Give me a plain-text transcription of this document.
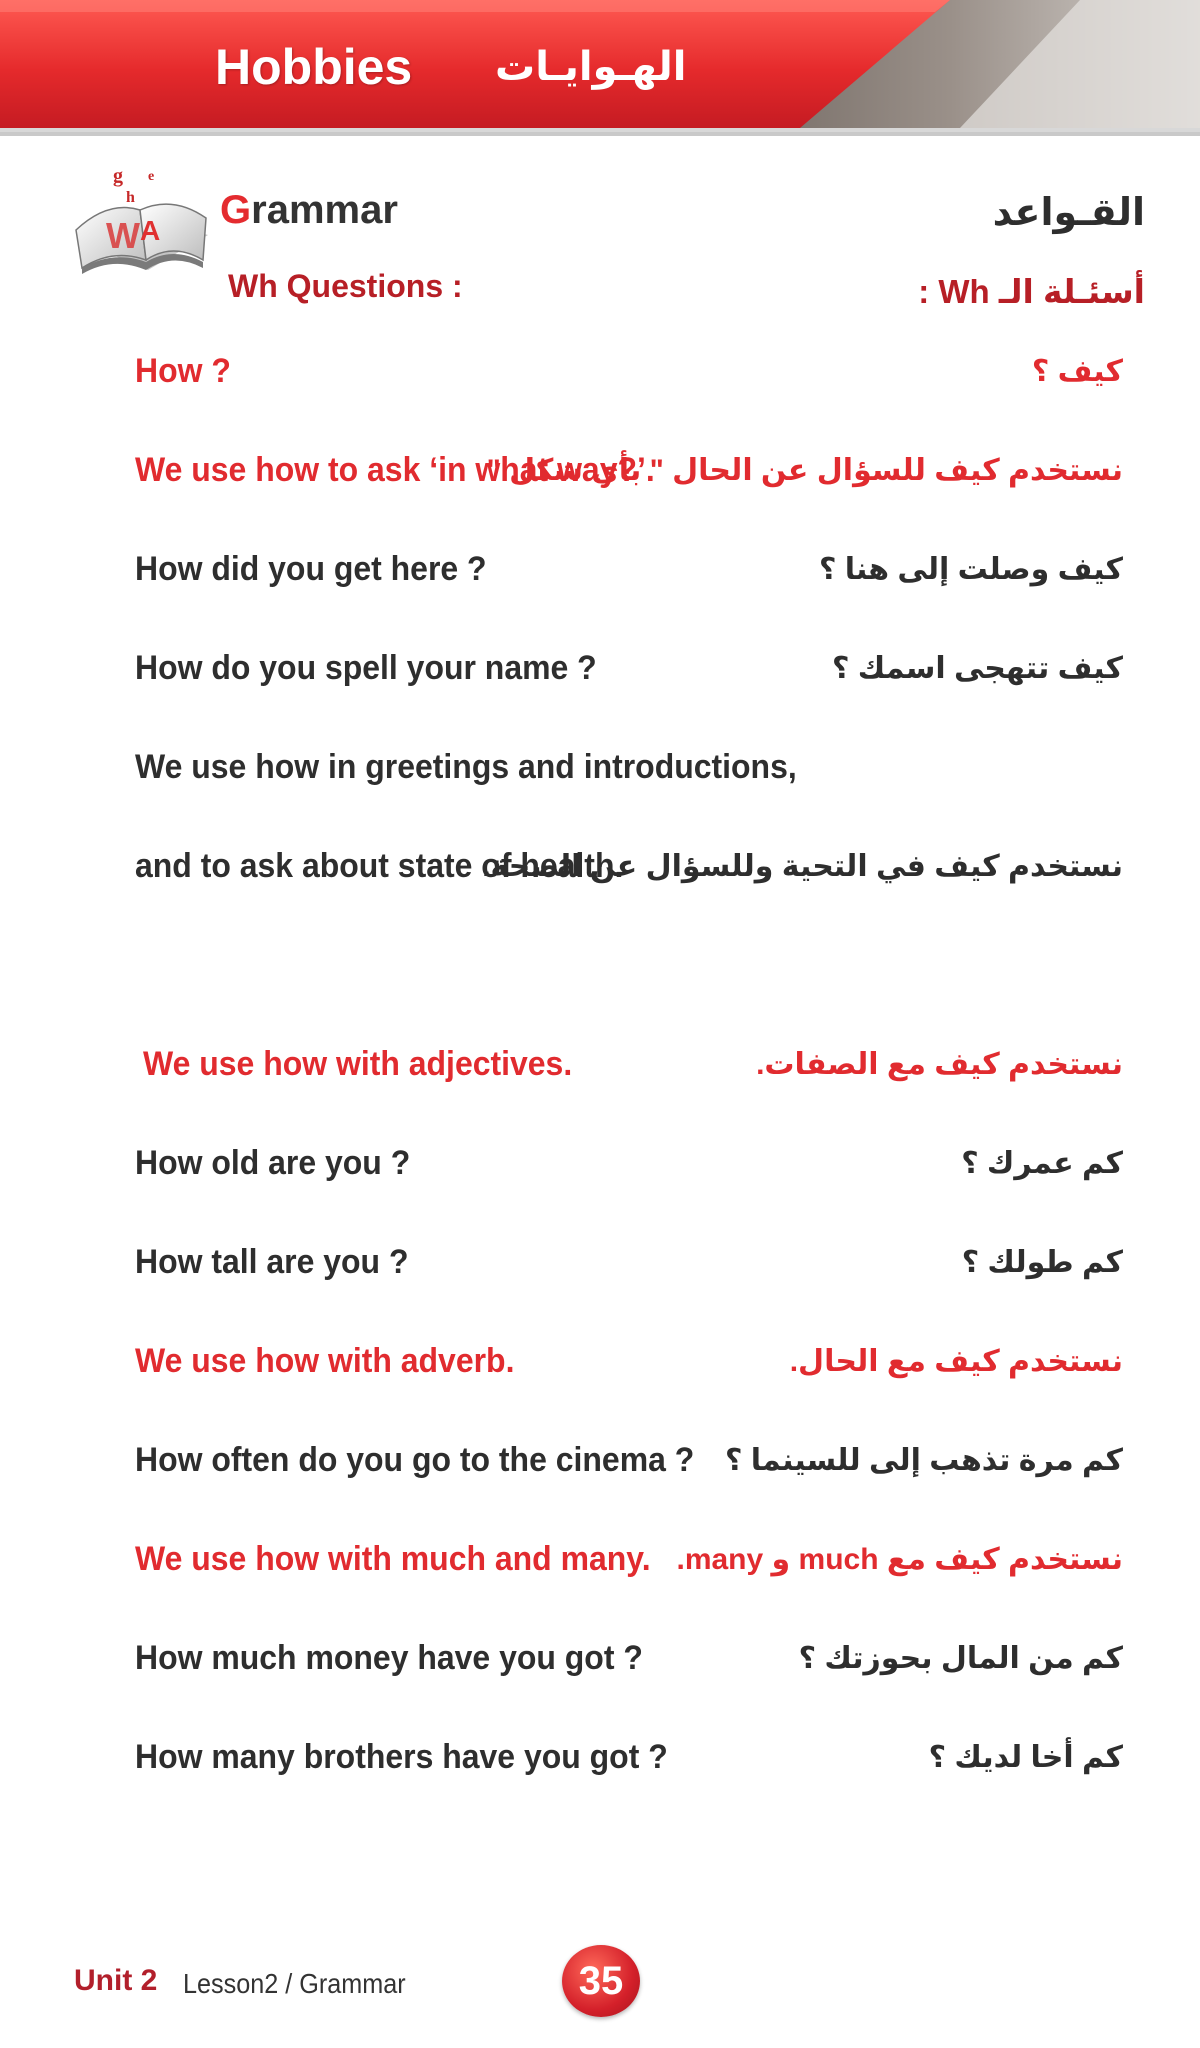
Hobbies الهـوايـات
W A
g e
h Grammar	القـواعد
Wh Questions :	أسئـلة الـ Wh :
How ?	كيف ؟
We use how to ask ‘in what way?’.
نستخدم كيف للسؤال عن الحال " بأي شكل ".
How did you get here ?	كيف وصلت إلى هنا ؟
How do you spell your name ?	كيف تتهجى اسمك ؟
We use how in greetings and introductions,
and to ask about state of health.
نستخدم كيف في التحية وللسؤال عن الصحة.
We use how with adjectives.	نستخدم كيف مع الصفات.
How old are you ?	كم عمرك ؟
How tall are you ?	كم طولك ؟
We use how with adverb.	نستخدم كيف مع الحال.
How often do you go to the cinema ? كم مرة تذهب إلى للسينما ؟
We use how with much and many. نستخدم كيف مع much و many.
How much money have you got ?	كم من المال بحوزتك ؟
How many brothers have you got ?	كم أخا لديك ؟
Unit 2 Lesson2 / Grammar	35
